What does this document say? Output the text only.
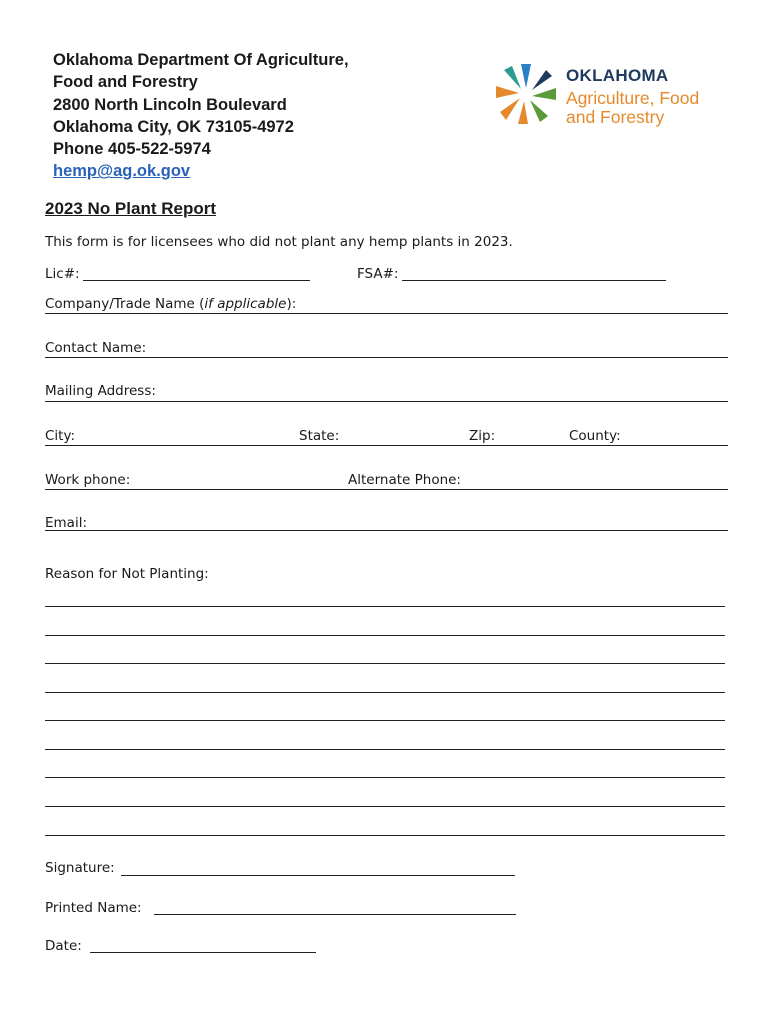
Oklahoma Department Of Agriculture,
Food and Forestry
2800 North Lincoln Boulevard
Oklahoma City, OK 73105-4972
Phone 405-522-5974
hemp@ag.ok.gov
OKLAHOMA
Agriculture, Food
and Forestry
2023 No Plant Report
This form is for licensees who did not plant any hemp plants in 2023.
Lic#:	FSA#:
Company/Trade Name (if applicable):
Contact Name:
Mailing Address:
City:	State:	Zip:	County:
Work phone:	Alternate Phone:
Email:
Reason for Not Planting:
Signature:
Printed Name:
Date:
